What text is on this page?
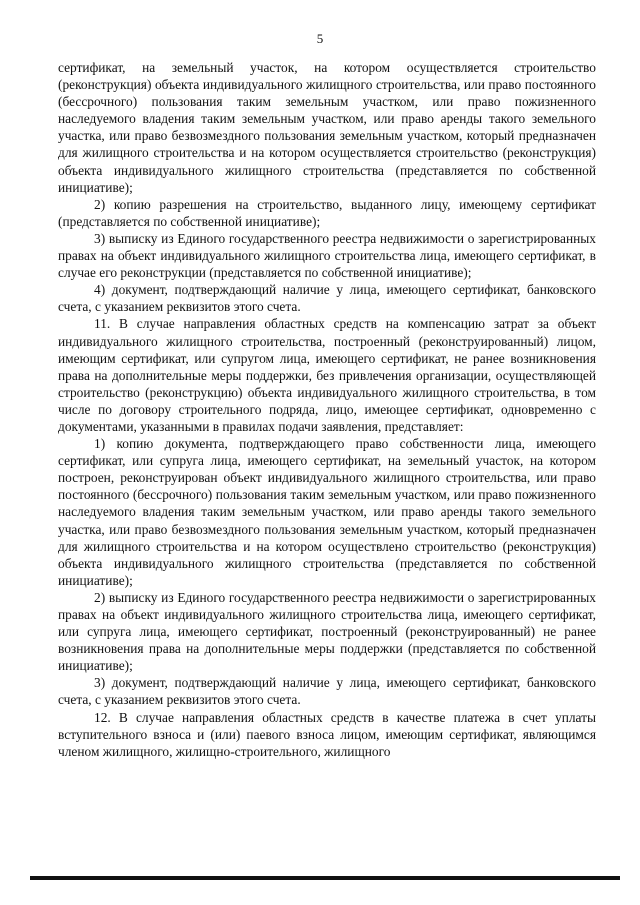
5

сертификат, на земельный участок, на котором осуществляется строительство (реконструкция) объекта индивидуального жилищного строительства, или право постоянного (бессрочного) пользования таким земельным участком, или право пожизненного наследуемого владения таким земельным участком, или право аренды такого земельного участка, или право безвозмездного пользования земельным участком, который предназначен для жилищного строительства и на котором осуществляется строительство (реконструкция) объекта индивидуального жилищного строительства (представляется по собственной инициативе);

2) копию разрешения на строительство, выданного лицу, имеющему сертификат (представляется по собственной инициативе);

3) выписку из Единого государственного реестра недвижимости о зарегистрированных правах на объект индивидуального жилищного строительства лица, имеющего сертификат, в случае его реконструкции (представляется по собственной инициативе);

4) документ, подтверждающий наличие у лица, имеющего сертификат, банковского счета, с указанием реквизитов этого счета.

11. В случае направления областных средств на компенсацию затрат за объект индивидуального жилищного строительства, построенный (реконструированный) лицом, имеющим сертификат, или супругом лица, имеющего сертификат, не ранее возникновения права на дополнительные меры поддержки, без привлечения организации, осуществляющей строительство (реконструкцию) объекта индивидуального жилищного строительства, в том числе по договору строительного подряда, лицо, имеющее сертификат, одновременно с документами, указанными в правилах подачи заявления, представляет:

1) копию документа, подтверждающего право собственности лица, имеющего сертификат, или супруга лица, имеющего сертификат, на земельный участок, на котором построен, реконструирован объект индивидуального жилищного строительства, или право постоянного (бессрочного) пользования таким земельным участком, или право пожизненного наследуемого владения таким земельным участком, или право аренды такого земельного участка, или право безвозмездного пользования земельным участком, который предназначен для жилищного строительства и на котором осуществлено строительство (реконструкция) объекта индивидуального жилищного строительства (представляется по собственной инициативе);

2) выписку из Единого государственного реестра недвижимости о зарегистрированных правах на объект индивидуального жилищного строительства лица, имеющего сертификат, или супруга лица, имеющего сертификат, построенный (реконструированный) не ранее возникновения права на дополнительные меры поддержки (представляется по собственной инициативе);

3) документ, подтверждающий наличие у лица, имеющего сертификат, банковского счета, с указанием реквизитов этого счета.

12. В случае направления областных средств в качестве платежа в счет уплаты вступительного взноса и (или) паевого взноса лицом, имеющим сертификат, являющимся членом жилищного, жилищно-строительного, жилищного
